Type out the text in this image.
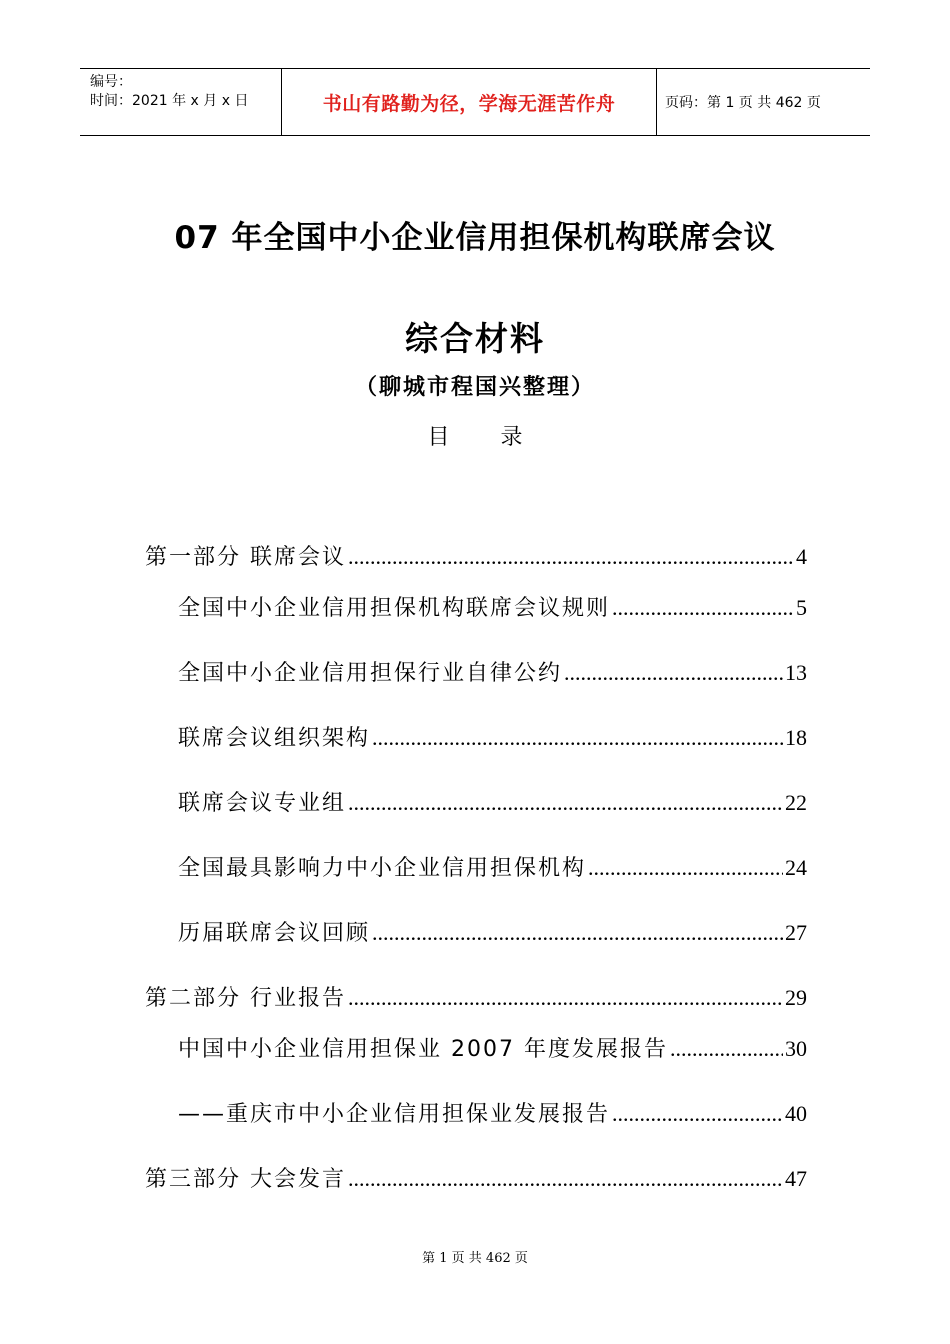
编号：
时间：2021 年 x 月 x 日	书山有路勤为径，学海无涯苦作舟	页码：第 1 页 共 462 页
07 年全国中小企业信用担保机构联席会议
综合材料
（聊城市程国兴整理）
目 录
第一部分 联席会议 .....	4
全国中小企业信用担保机构联席会议规则 .....	5
全国中小企业信用担保行业自律公约 .....	13
联席会议组织架构 .....	18
联席会议专业组 .....	22
全国最具影响力中小企业信用担保机构 .....	24
历届联席会议回顾 .....	27
第二部分 行业报告 .....	29
中国中小企业信用担保业 2007 年度发展报告 .....	30
——重庆市中小企业信用担保业发展报告 .....	40
第三部分 大会发言 .....	47
第 1 页 共 462 页
